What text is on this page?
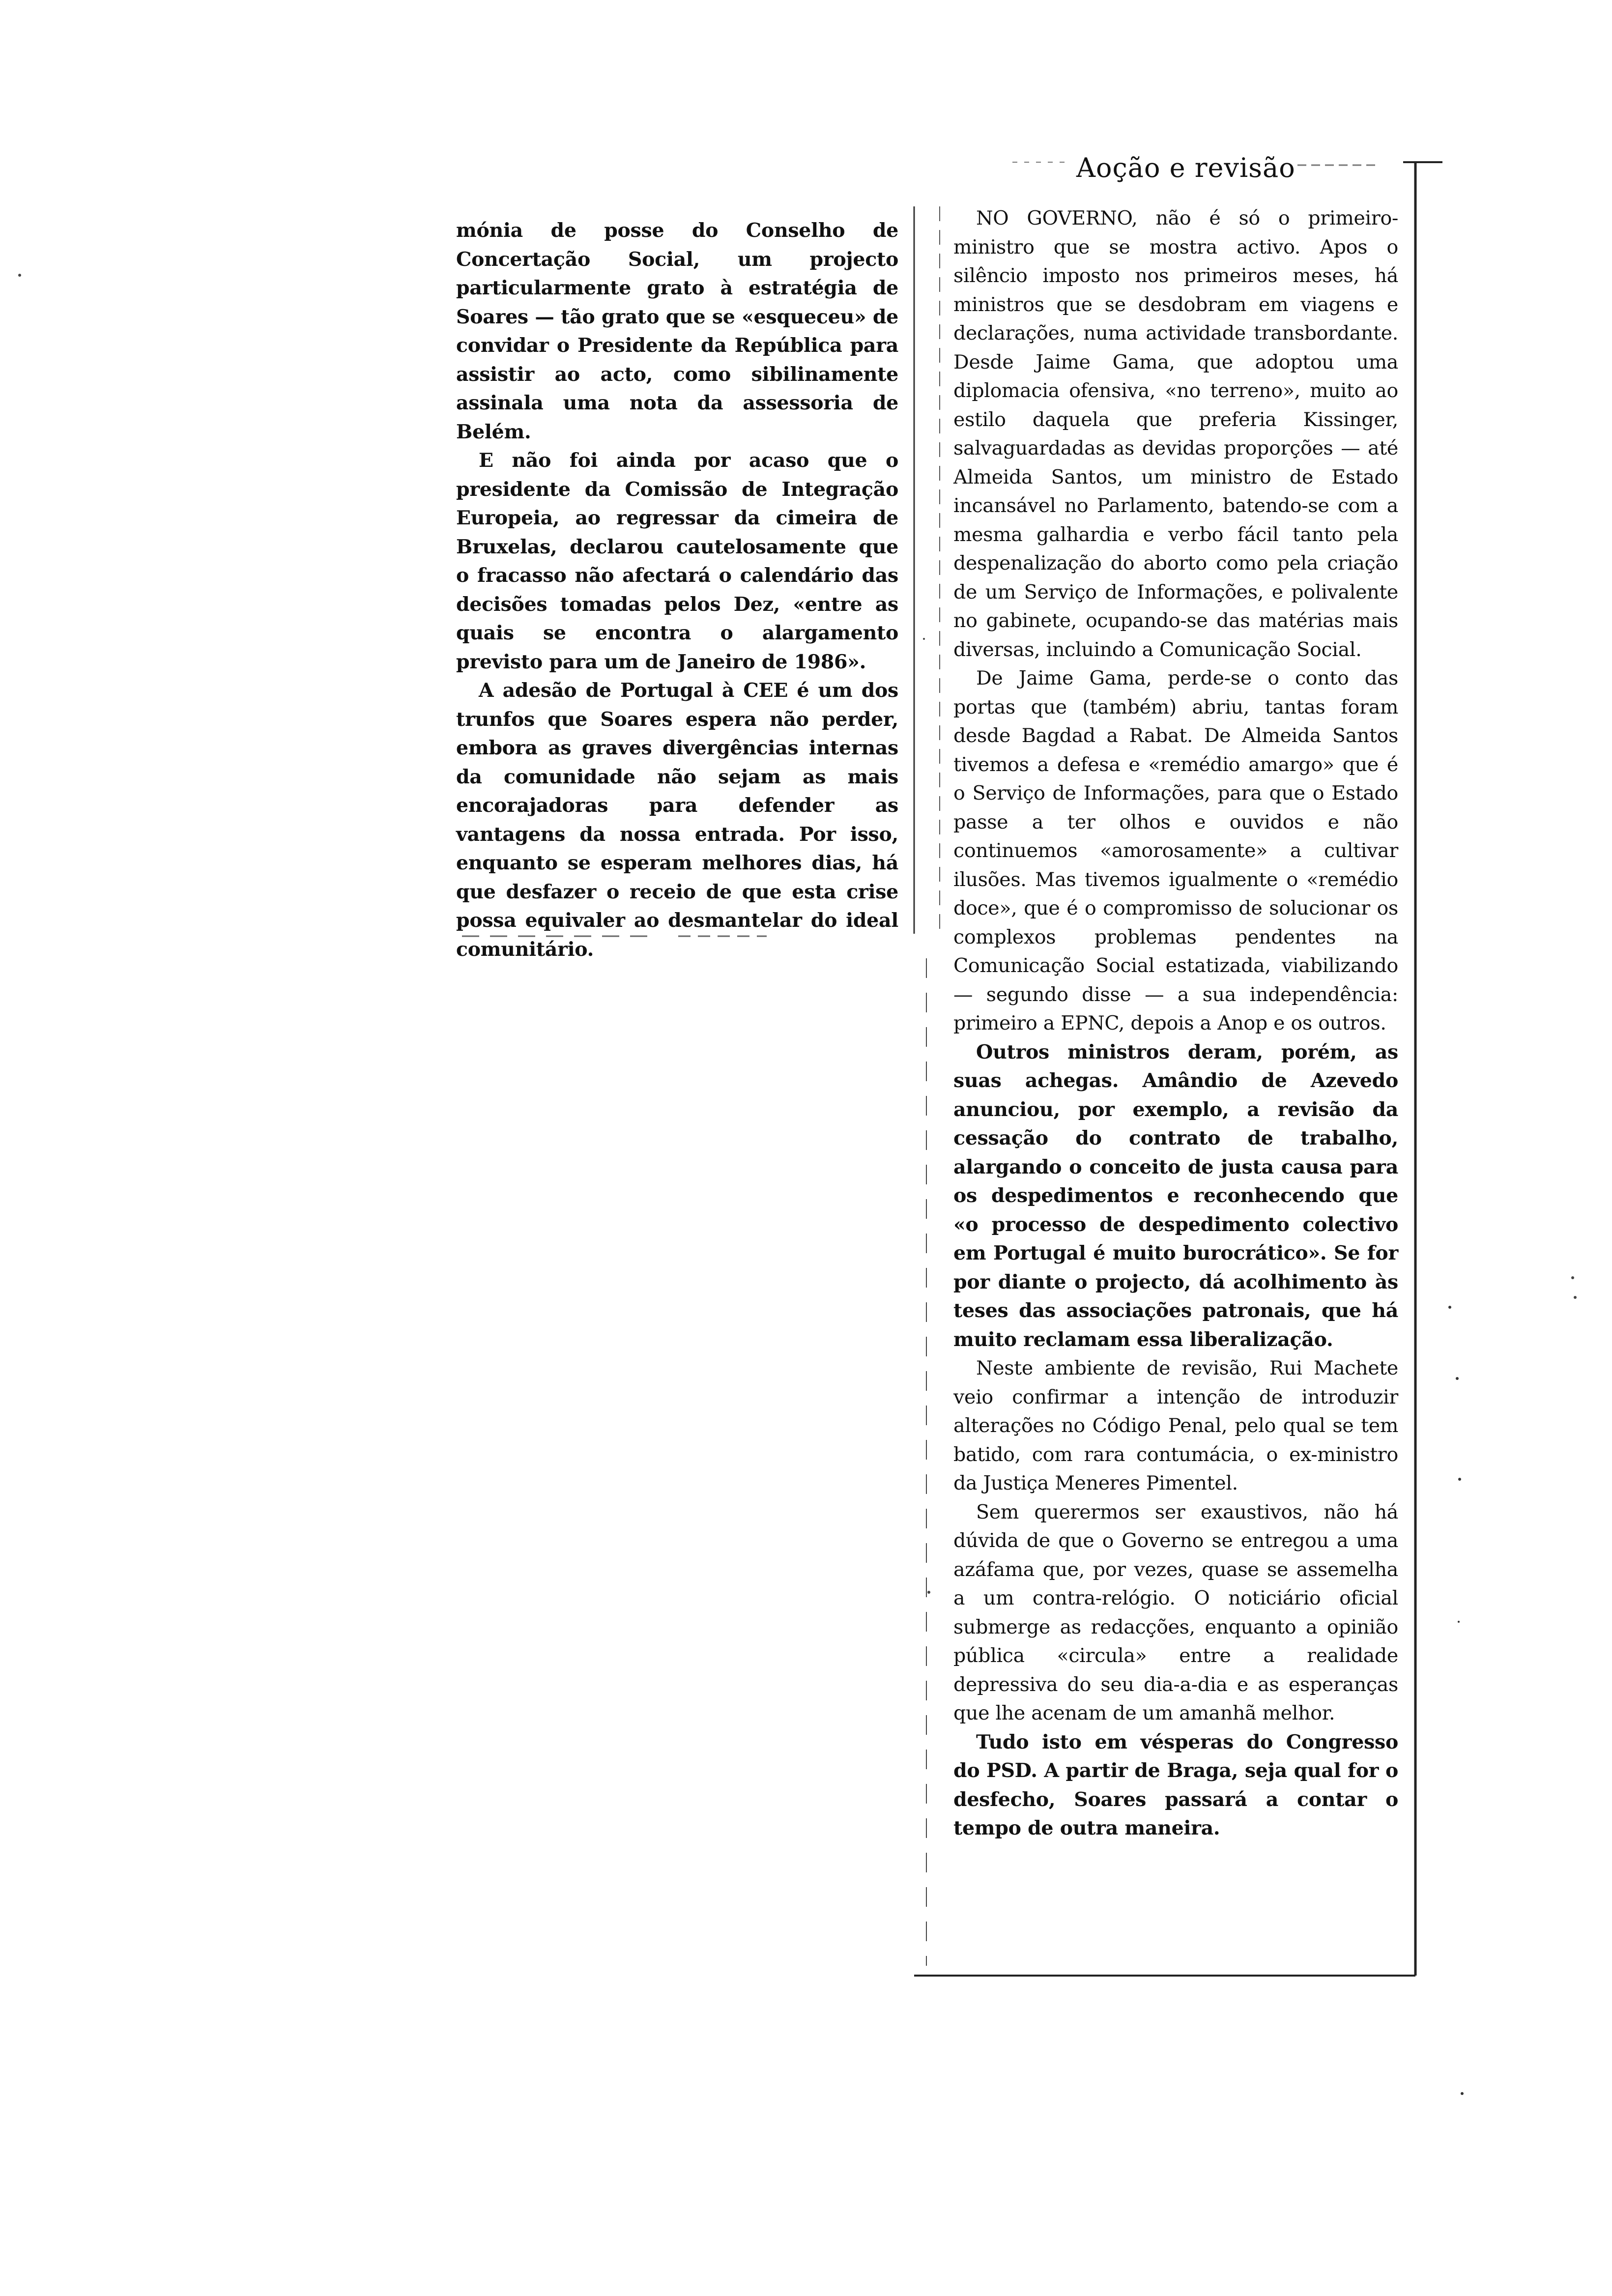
Aoção e revisão

mónia de posse do Conselho de Concertação Social, um projecto particularmente grato à estratégia de Soares — tão grato que se «esqueceu» de convidar o Presidente da República para assistir ao acto, como sibilinamente assinala uma nota da assessoria de Belém.

E não foi ainda por acaso que o presidente da Comissão de Integração Europeia, ao regressar da cimeira de Bruxelas, declarou cautelosamente que o fracasso não afectará o calendário das decisões tomadas pelos Dez, «entre as quais se encontra o alargamento previsto para um de Janeiro de 1986».

A adesão de Portugal à CEE é um dos trunfos que Soares espera não perder, embora as graves divergências internas da comunidade não sejam as mais encorajadoras para defender as vantagens da nossa entrada. Por isso, enquanto se esperam melhores dias, há que desfazer o receio de que esta crise possa equivaler ao desmantelar do ideal comunitário.

NO GOVERNO, não é só o primeiro-ministro que se mostra activo. Apos o silêncio imposto nos primeiros meses, há ministros que se desdobram em viagens e declarações, numa actividade transbordante. Desde Jaime Gama, que adoptou uma diplomacia ofensiva, «no terreno», muito ao estilo daquela que preferia Kissinger, salvaguardadas as devidas proporções — até Almeida Santos, um ministro de Estado incansável no Parlamento, batendo-se com a mesma galhardia e verbo fácil tanto pela despenalização do aborto como pela criação de um Serviço de Informações, e polivalente no gabinete, ocupando-se das matérias mais diversas, incluindo a Comunicação Social.

De Jaime Gama, perde-se o conto das portas que (também) abriu, tantas foram desde Bagdad a Rabat. De Almeida Santos tivemos a defesa e «remédio amargo» que é o Serviço de Informações, para que o Estado passe a ter olhos e ouvidos e não continuemos «amorosamente» a cultivar ilusões. Mas tivemos igualmente o «remédio doce», que é o compromisso de solucionar os complexos problemas pendentes na Comunicação Social estatizada, viabilizando — segundo disse — a sua independência: primeiro a EPNC, depois a Anop e os outros.

Outros ministros deram, porém, as suas achegas. Amândio de Azevedo anunciou, por exemplo, a revisão da cessação do contrato de trabalho, alargando o conceito de justa causa para os despedimentos e reconhecendo que «o processo de despedimento colectivo em Portugal é muito burocrático». Se for por diante o projecto, dá acolhimento às teses das associações patronais, que há muito reclamam essa liberalização.

Neste ambiente de revisão, Rui Machete veio confirmar a intenção de introduzir alterações no Código Penal, pelo qual se tem batido, com rara contumácia, o ex-ministro da Justiça Meneres Pimentel.

Sem querermos ser exaustivos, não há dúvida de que o Governo se entregou a uma azáfama que, por vezes, quase se assemelha a um contra-relógio. O noticiário oficial submerge as redacções, enquanto a opinião pública «circula» entre a realidade depressiva do seu dia-a-dia e as esperanças que lhe acenam de um amanhã melhor.

Tudo isto em vésperas do Congresso do PSD. A partir de Braga, seja qual for o desfecho, Soares passará a contar o tempo de outra maneira.
